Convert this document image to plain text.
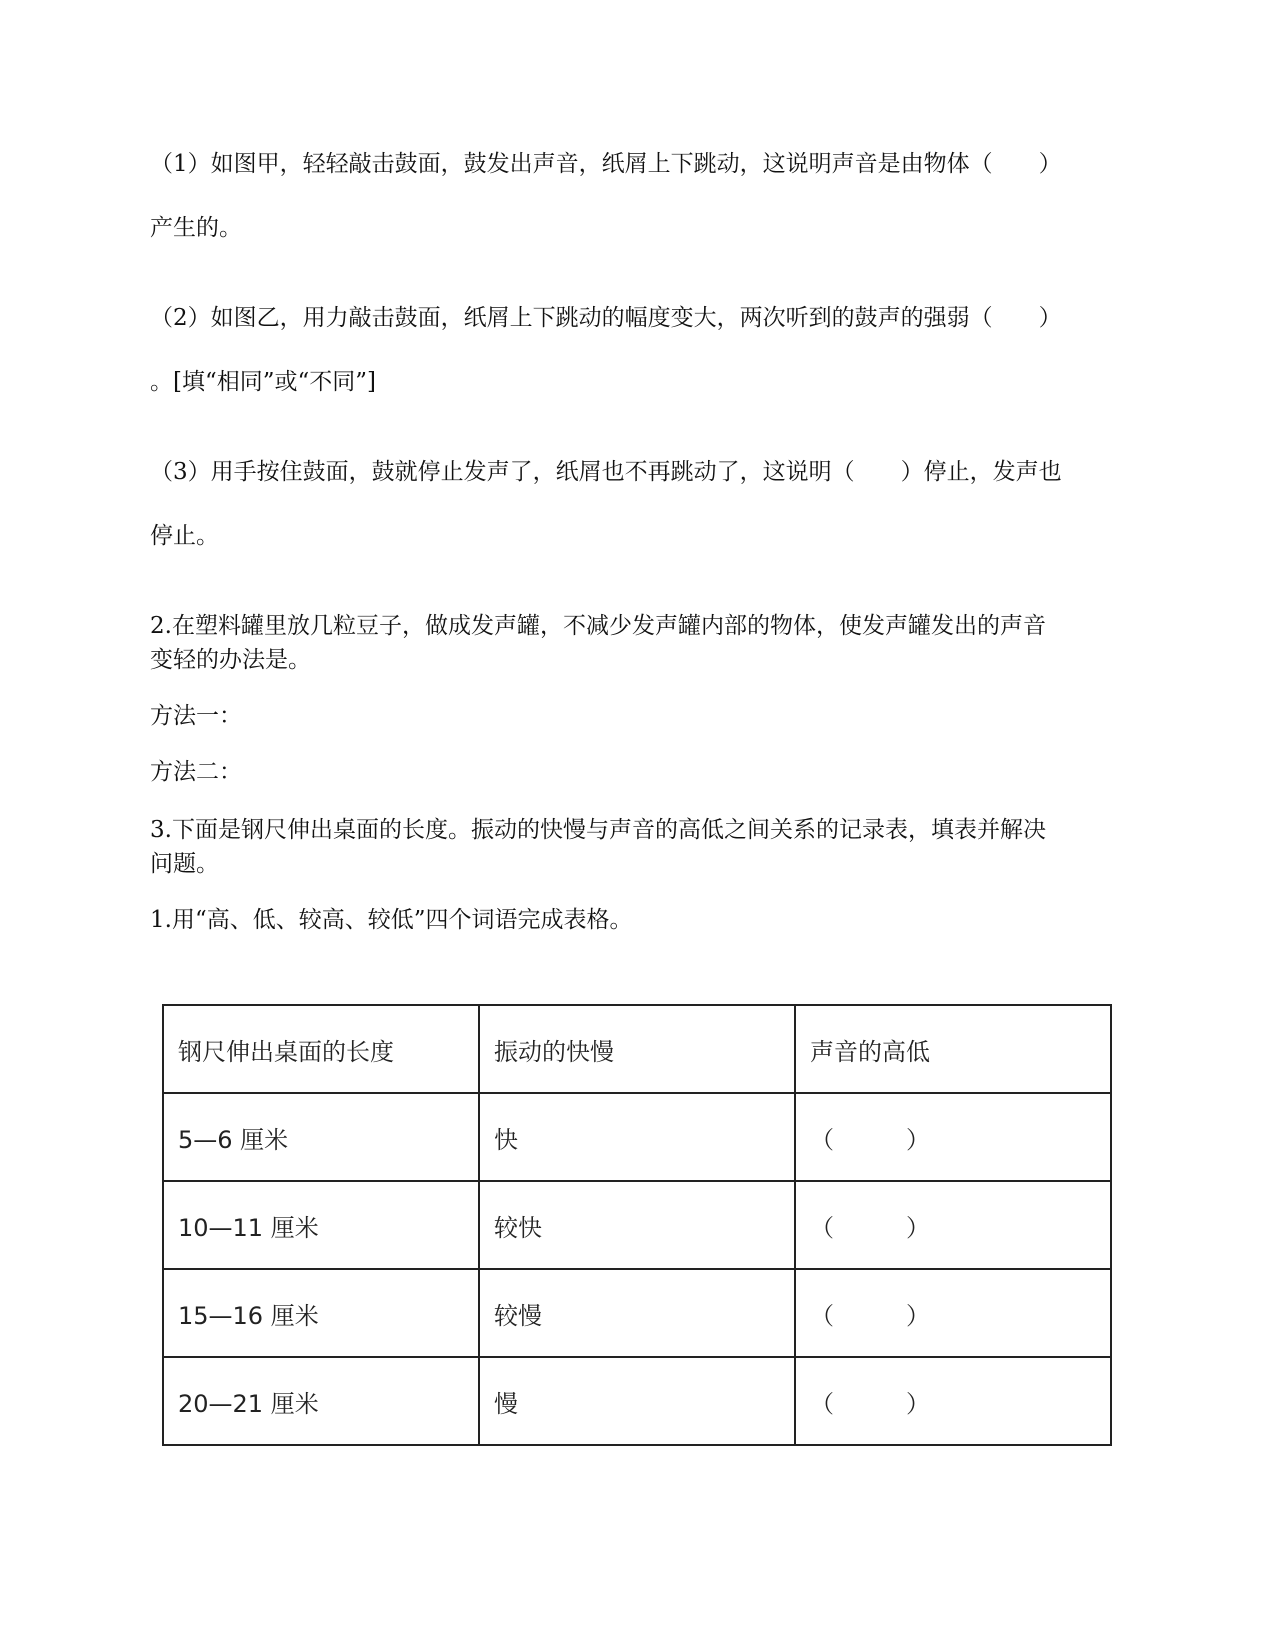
（1）如图甲，轻轻敲击鼓面，鼓发出声音，纸屑上下跳动，这说明声音是由物体（　　）

产生的。

（2）如图乙，用力敲击鼓面，纸屑上下跳动的幅度变大，两次听到的鼓声的强弱（　　）

。[填“相同”或“不同”]

（3）用手按住鼓面，鼓就停止发声了，纸屑也不再跳动了，这说明（　　）停止，发声也

停止。

2.在塑料罐里放几粒豆子，做成发声罐，不减少发声罐内部的物体，使发声罐发出的声音

变轻的办法是。

方法一：

方法二：

3.下面是钢尺伸出桌面的长度。振动的快慢与声音的高低之间关系的记录表，填表并解决

问题。

1.用“高、低、较高、较低”四个词语完成表格。

钢尺伸出桌面的长度	振动的快慢	声音的高低
5—6 厘米	快	（　　　）
10—11 厘米	较快	（　　　）
15—16 厘米	较慢	（　　　）
20—21 厘米	慢	（　　　）
